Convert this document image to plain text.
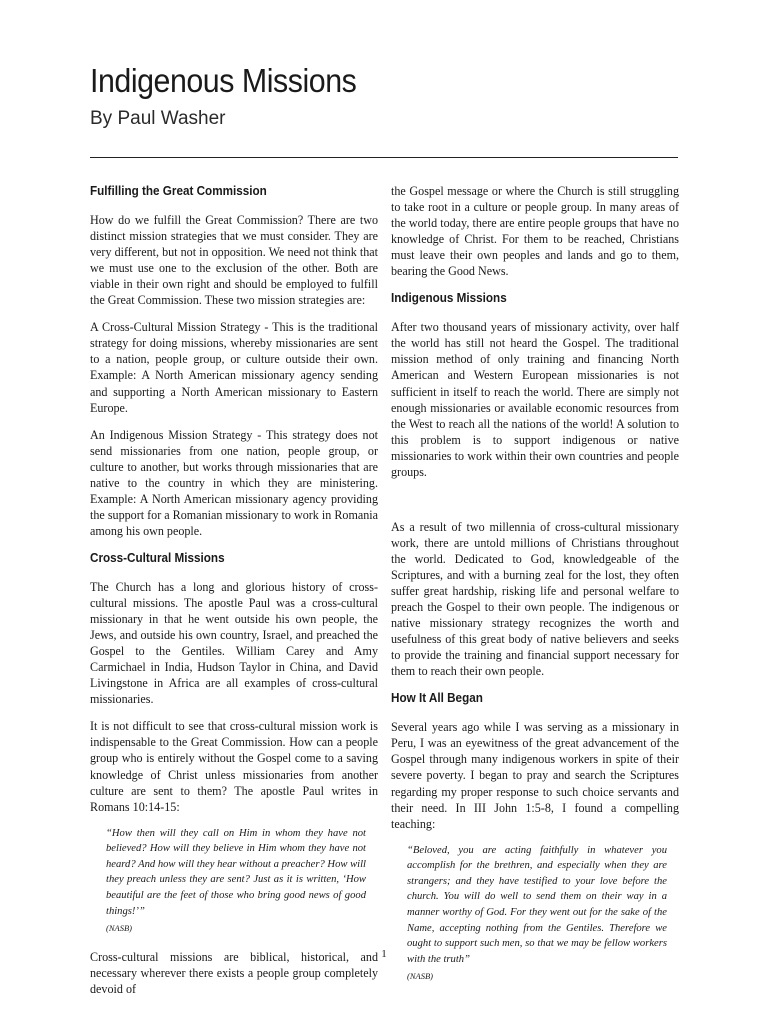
Indigenous Missions
By Paul Washer
Fulfilling the Great Commission

How do we fulfill the Great Commission? There are two distinct mission strategies that we must consider. They are very different, but not in opposition. We need not think that we must use one to the exclusion of the other. Both are viable in their own right and should be employed to fulfill the Great Commission. These two mission strategies are:

A Cross-Cultural Mission Strategy - This is the traditional strategy for doing missions, whereby missionaries are sent to a nation, people group, or culture outside their own. Example: A North American missionary agency sending and supporting a North American missionary to Eastern Europe.

An Indigenous Mission Strategy - This strategy does not send missionaries from one nation, people group, or culture to another, but works through missionaries that are native to the country in which they are ministering. Example: A North American missionary agency providing the support for a Romanian missionary to work in Romania among his own people.

Cross-Cultural Missions

The Church has a long and glorious history of cross-cultural missions. The apostle Paul was a cross-cultural missionary in that he went outside his own people, the Jews, and outside his own country, Israel, and preached the Gospel to the Gentiles. William Carey and Amy Carmichael in India, Hudson Taylor in China, and David Livingstone in Africa are all examples of cross-cultural missionaries.

It is not difficult to see that cross-cultural mission work is indispensable to the Great Commission. How can a people group who is entirely without the Gospel come to a saving knowledge of Christ unless missionaries from another culture are sent to them? The apostle Paul writes in Romans 10:14-15:

“How then will they call on Him in whom they have not believed? How will they believe in Him whom they have not heard? And how will they hear without a preacher? How will they preach unless they are sent? Just as it is written, ‘How beautiful are the feet of those who bring good news of good things!’”
(NASB)

Cross-cultural missions are biblical, historical, and necessary wherever there exists a people group completely devoid of

the Gospel message or where the Church is still struggling to take root in a culture or people group. In many areas of the world today, there are entire people groups that have no knowledge of Christ. For them to be reached, Christians must leave their own peoples and lands and go to them, bearing the Good News.

Indigenous Missions

After two thousand years of missionary activity, over half the world has still not heard the Gospel. The traditional mission method of only training and financing North American and Western European missionaries is not sufficient in itself to reach the world. There are simply not enough missionaries or available economic resources from the West to reach all the nations of the world! A solution to this problem is to support indigenous or native missionaries to work within their own countries and people groups.

As a result of two millennia of cross-cultural missionary work, there are untold millions of Christians throughout the world. Dedicated to God, knowledgeable of the Scriptures, and with a burning zeal for the lost, they often suffer great hardship, risking life and personal welfare to preach the Gospel to their own people. The indigenous or native missionary strategy recognizes the worth and usefulness of this great body of native believers and seeks to provide the training and financial support necessary for them to reach their own people.

How It All Began

Several years ago while I was serving as a missionary in Peru, I was an eyewitness of the great advancement of the Gospel through many indigenous workers in spite of their severe poverty. I began to pray and search the Scriptures regarding my proper response to such choice servants and their need. In III John 1:5-8, I found a compelling teaching:

“Beloved, you are acting faithfully in whatever you accomplish for the brethren, and especially when they are strangers; and they have testified to your love before the church. You will do well to send them on their way in a manner worthy of God. For they went out for the sake of the Name, accepting nothing from the Gentiles. Therefore we ought to support such men, so that we may be fellow workers with the truth”
(NASB)
1
